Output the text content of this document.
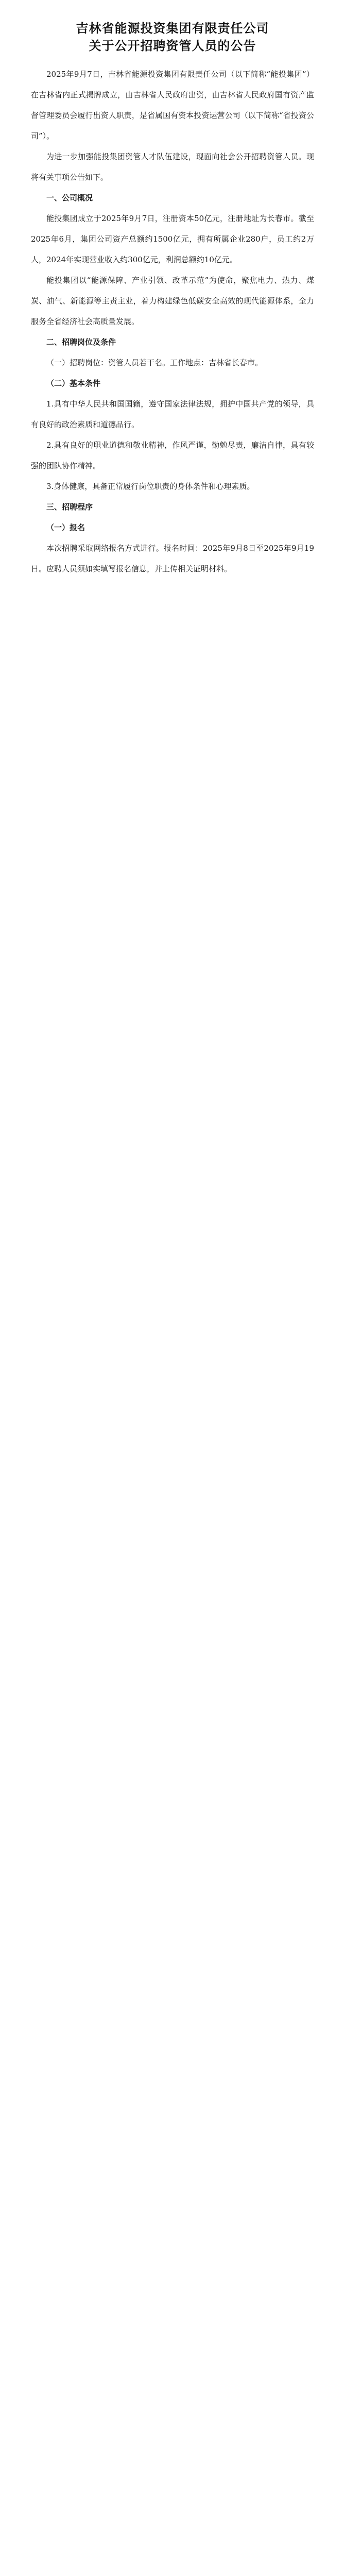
吉林省能源投资集团有限责任公司
关于公开招聘资管人员的公告

2025年9月7日，吉林省能源投资集团有限责任公司（以下简称“能投集团”）在吉林省内正式揭牌成立，由吉林省人民政府出资，由吉林省人民政府国有资产监督管理委员会履行出资人职责，是省属国有资本投资运营公司（以下简称“省投资公司”）。

为进一步加强能投集团资管人才队伍建设，现面向社会公开招聘资管人员。现将有关事项公告如下。

一、公司概况

能投集团成立于2025年9月7日，注册资本50亿元，注册地址为长春市。截至2025年6月，集团公司资产总额约1500亿元，拥有所属企业280户，员工约2万人，2024年实现营业收入约300亿元，利润总额约10亿元。

能投集团以“能源保障、产业引领、改革示范”为使命，聚焦电力、热力、煤炭、油气、新能源等主责主业，着力构建绿色低碳安全高效的现代能源体系，全力服务全省经济社会高质量发展。

二、招聘岗位及条件

（一）招聘岗位：资管人员若干名。工作地点：吉林省长春市。

（二）基本条件

1.具有中华人民共和国国籍，遵守国家法律法规，拥护中国共产党的领导，具有良好的政治素质和道德品行。

2.具有良好的职业道德和敬业精神，作风严谨，勤勉尽责，廉洁自律，具有较强的团队协作精神。

3.身体健康，具备正常履行岗位职责的身体条件和心理素质。

三、招聘程序

（一）报名

本次招聘采取网络报名方式进行。报名时间：2025年9月8日至2025年9月19日。应聘人员须如实填写报名信息，并上传相关证明材料。
